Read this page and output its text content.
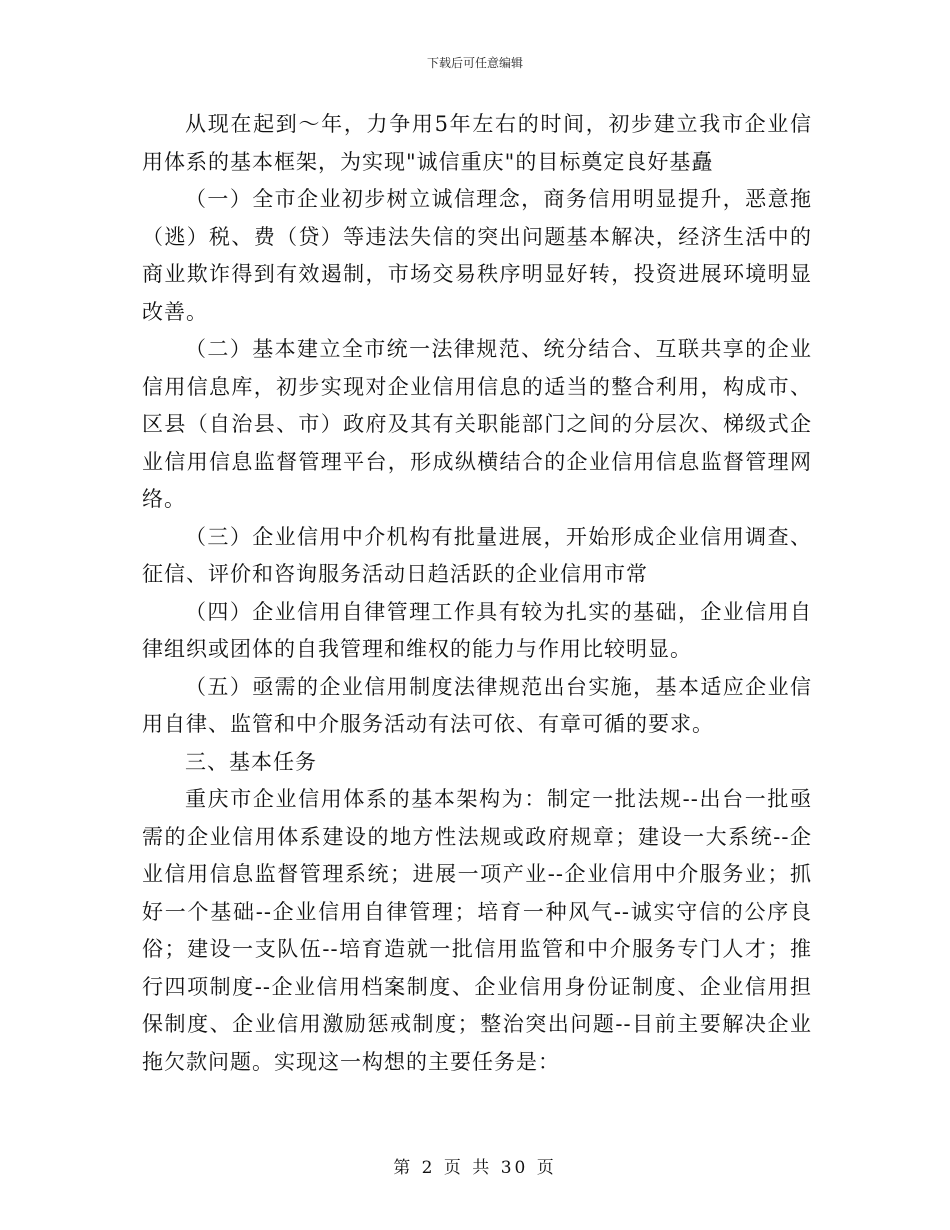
下载后可任意编辑

从现在起到～年，力争用5年左右的时间，初步建立我市企业信用体系的基本框架，为实现"诚信重庆"的目标奠定良好基矗

（一）全市企业初步树立诚信理念，商务信用明显提升，恶意拖（逃）税、费（贷）等违法失信的突出问题基本解决，经济生活中的商业欺诈得到有效遏制，市场交易秩序明显好转，投资进展环境明显改善。

（二）基本建立全市统一法律规范、统分结合、互联共享的企业信用信息库，初步实现对企业信用信息的适当的整合利用，构成市、区县（自治县、市）政府及其有关职能部门之间的分层次、梯级式企业信用信息监督管理平台，形成纵横结合的企业信用信息监督管理网络。

（三）企业信用中介机构有批量进展，开始形成企业信用调查、征信、评价和咨询服务活动日趋活跃的企业信用市常

（四）企业信用自律管理工作具有较为扎实的基础，企业信用自律组织或团体的自我管理和维权的能力与作用比较明显。

（五）亟需的企业信用制度法律规范出台实施，基本适应企业信用自律、监管和中介服务活动有法可依、有章可循的要求。

三、基本任务

重庆市企业信用体系的基本架构为：制定一批法规--出台一批亟需的企业信用体系建设的地方性法规或政府规章；建设一大系统--企业信用信息监督管理系统；进展一项产业--企业信用中介服务业；抓好一个基础--企业信用自律管理；培育一种风气--诚实守信的公序良俗；建设一支队伍--培育造就一批信用监管和中介服务专门人才；推行四项制度--企业信用档案制度、企业信用身份证制度、企业信用担保制度、企业信用激励惩戒制度；整治突出问题--目前主要解决企业拖欠款问题。实现这一构想的主要任务是：

第 2 页 共 30 页
